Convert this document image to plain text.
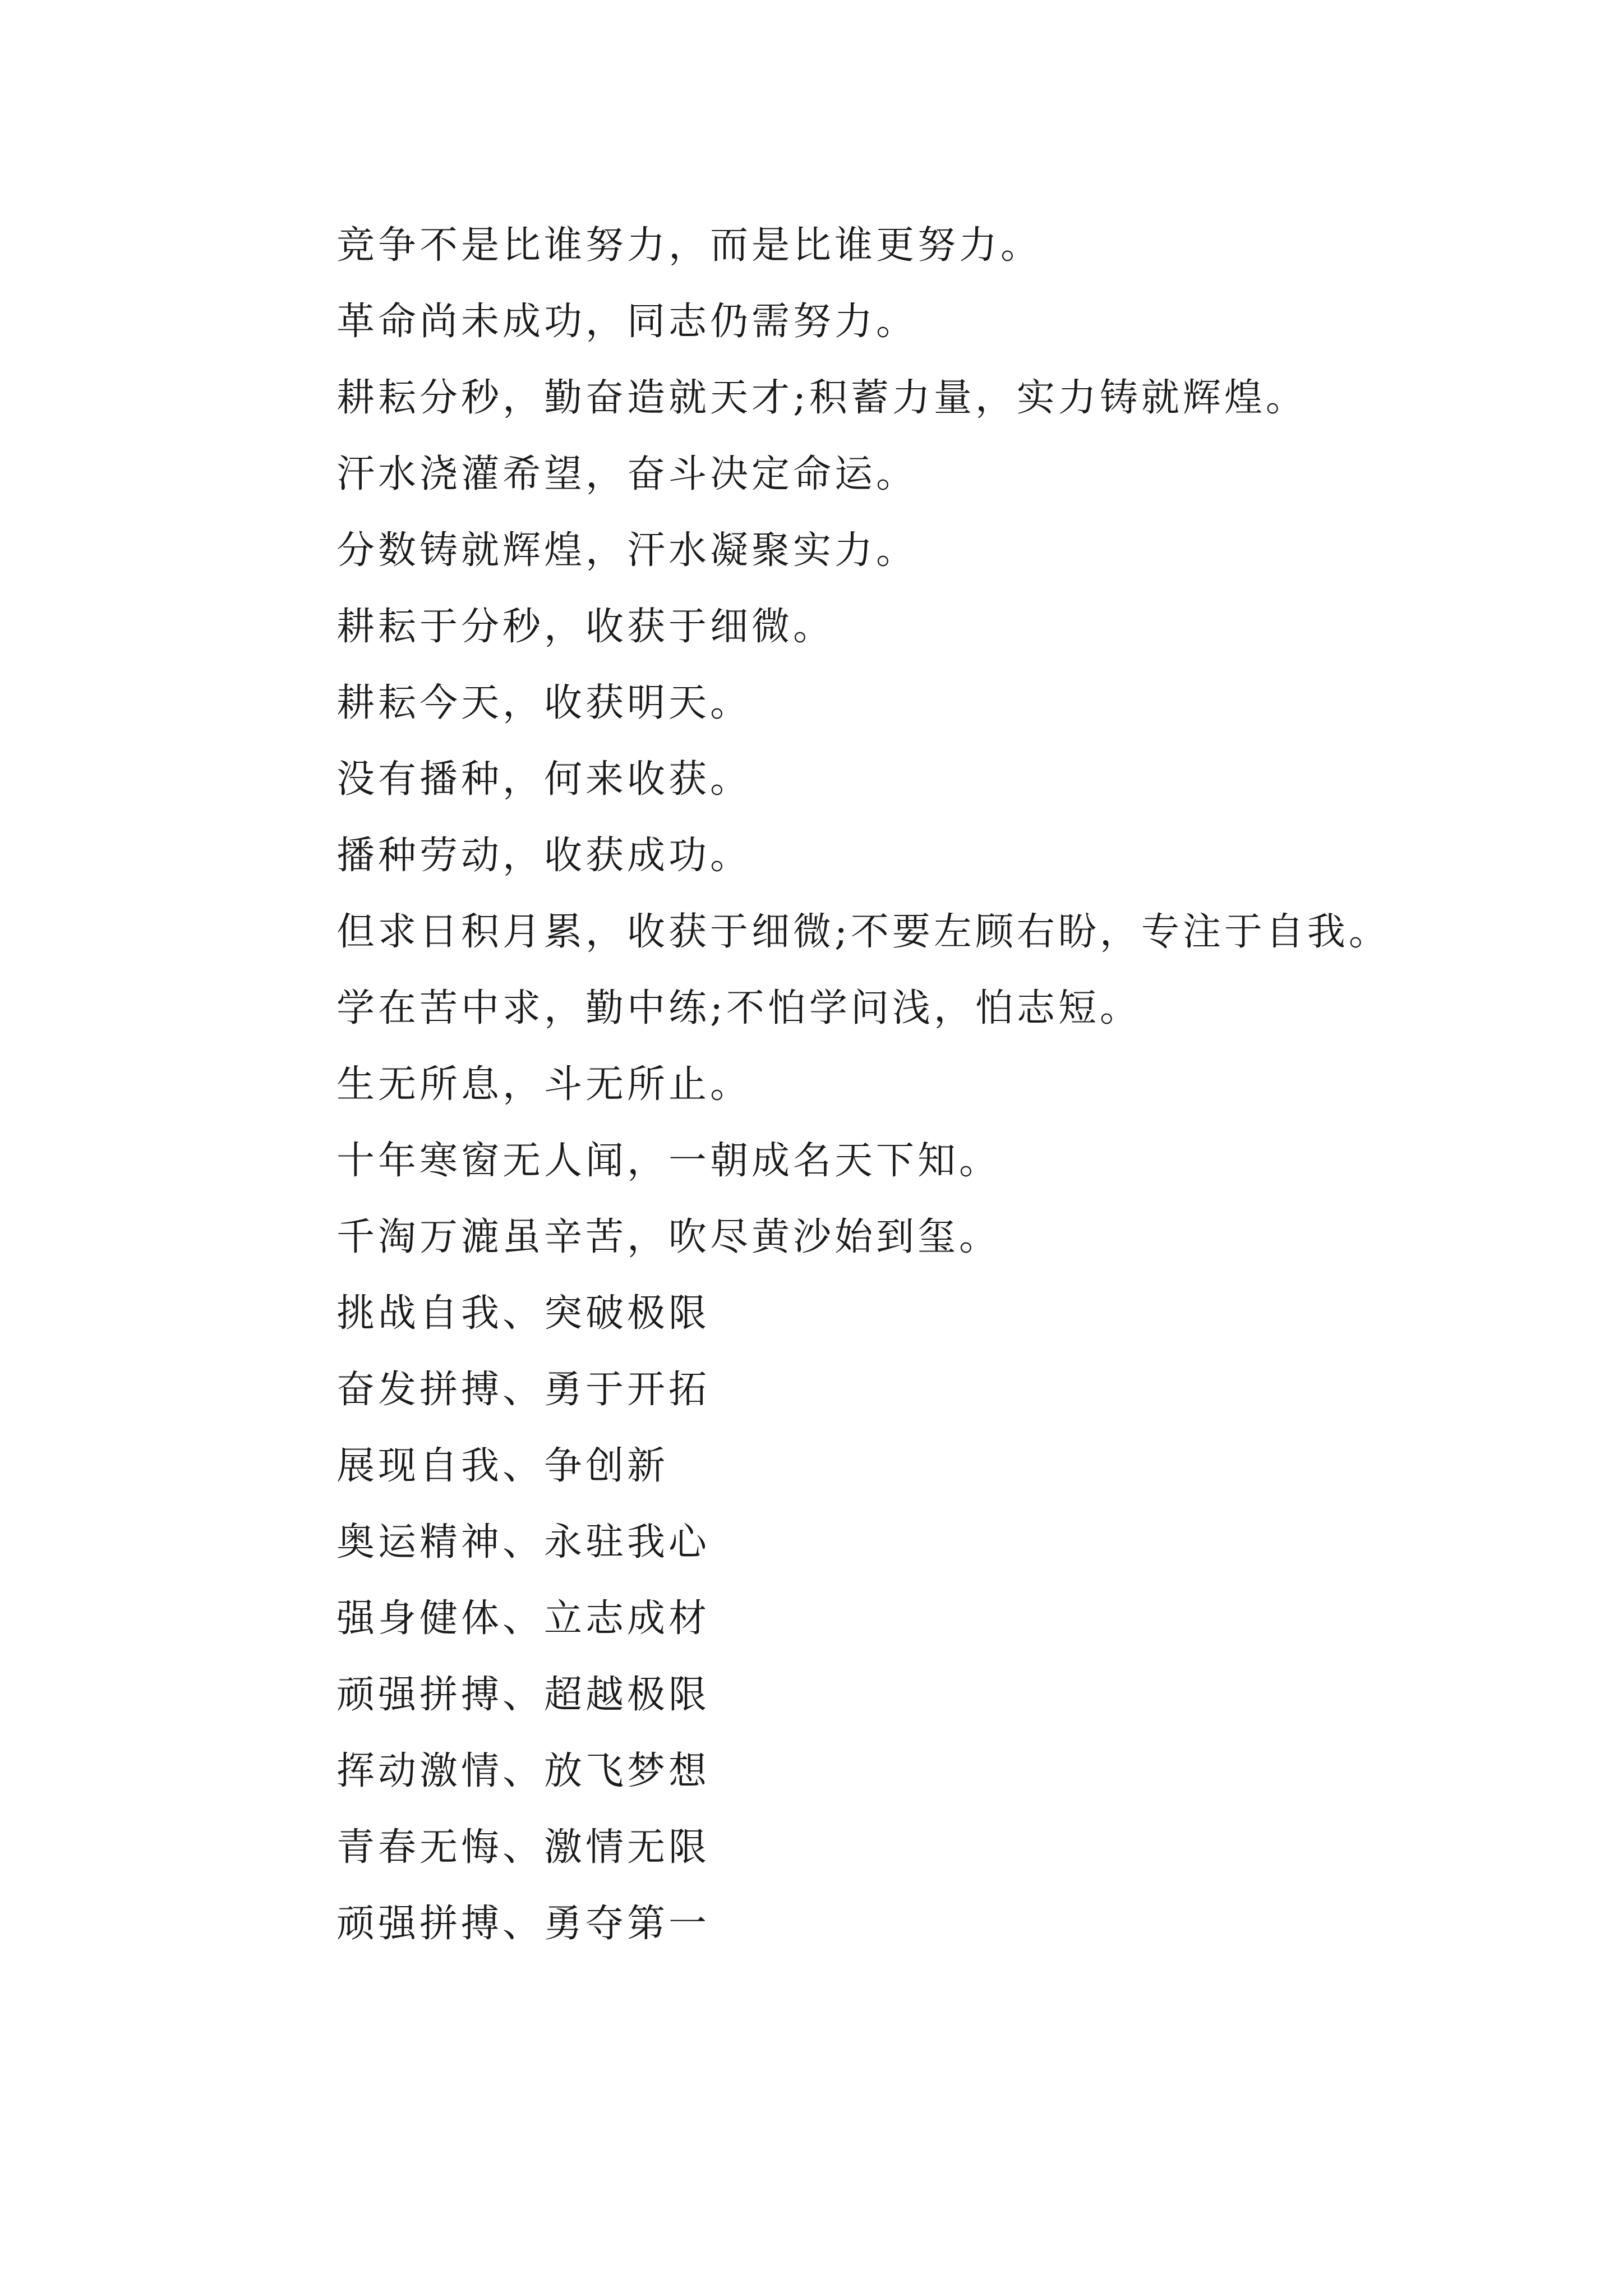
竞争不是比谁努力，而是比谁更努力。

革命尚未成功，同志仍需努力。

耕耘分秒，勤奋造就天才;积蓄力量，实力铸就辉煌。

汗水浇灌希望，奋斗决定命运。

分数铸就辉煌，汗水凝聚实力。

耕耘于分秒，收获于细微。

耕耘今天，收获明天。

没有播种，何来收获。

播种劳动，收获成功。

但求日积月累，收获于细微;不要左顾右盼，专注于自我。

学在苦中求，勤中练;不怕学问浅，怕志短。

生无所息，斗无所止。

十年寒窗无人闻，一朝成名天下知。

千淘万漉虽辛苦，吹尽黄沙始到玺。

挑战自我、突破极限

奋发拼搏、勇于开拓

展现自我、争创新

奥运精神、永驻我心

强身健体、立志成材

顽强拼搏、超越极限

挥动激情、放飞梦想

青春无悔、激情无限

顽强拼搏、勇夺第一
